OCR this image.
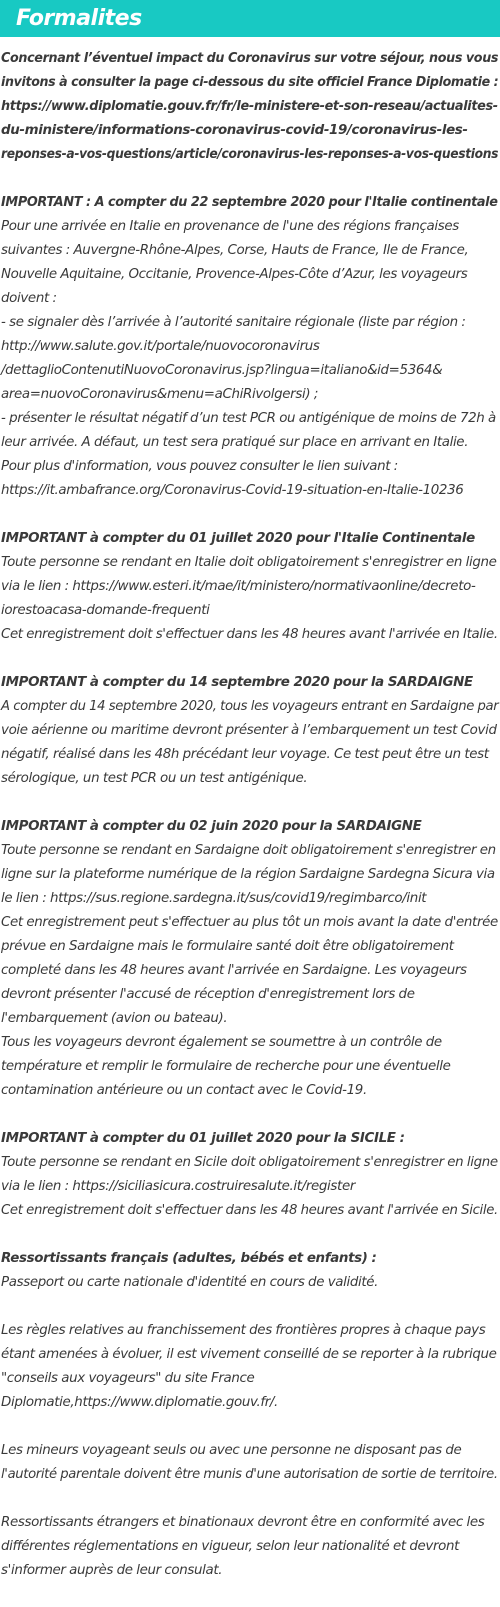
Formalites
Concernant l’éventuel impact du Coronavirus sur votre séjour, nous vous
invitons à consulter la page ci-dessous du site officiel France Diplomatie :
https://www.diplomatie.gouv.fr/fr/le-ministere-et-son-reseau/actualites-
du-ministere/informations-coronavirus-covid-19/coronavirus-les-
reponses-a-vos-questions/article/coronavirus-les-reponses-a-vos-questions
IMPORTANT : A compter du 22 septembre 2020 pour l'Italie continentale
Pour une arrivée en Italie en provenance de l'une des régions françaises
suivantes : Auvergne-Rhône-Alpes, Corse, Hauts de France, Ile de France,
Nouvelle Aquitaine, Occitanie, Provence-Alpes-Côte d’Azur, les voyageurs
doivent :
- se signaler dès l’arrivée à l’autorité sanitaire régionale (liste par région :
http://www.salute.gov.it/portale/nuovocoronavirus
/dettaglioContenutiNuovoCoronavirus.jsp?lingua=italiano&id=5364&
area=nuovoCoronavirus&menu=aChiRivolgersi) ;
- présenter le résultat négatif d’un test PCR ou antigénique de moins de 72h à
leur arrivée. A défaut, un test sera pratiqué sur place en arrivant en Italie.
Pour plus d'information, vous pouvez consulter le lien suivant :
https://it.ambafrance.org/Coronavirus-Covid-19-situation-en-Italie-10236
IMPORTANT à compter du 01 juillet 2020 pour l'Italie Continentale
Toute personne se rendant en Italie doit obligatoirement s'enregistrer en ligne
via le lien : https://www.esteri.it/mae/it/ministero/normativaonline/decreto-
iorestoacasa-domande-frequenti
Cet enregistrement doit s'effectuer dans les 48 heures avant l'arrivée en Italie.
IMPORTANT à compter du 14 septembre 2020 pour la SARDAIGNE
A compter du 14 septembre 2020, tous les voyageurs entrant en Sardaigne par
voie aérienne ou maritime devront présenter à l’embarquement un test Covid
négatif, réalisé dans les 48h précédant leur voyage. Ce test peut être un test
sérologique, un test PCR ou un test antigénique.
IMPORTANT à compter du 02 juin 2020 pour la SARDAIGNE
Toute personne se rendant en Sardaigne doit obligatoirement s'enregistrer en
ligne sur la plateforme numérique de la région Sardaigne Sardegna Sicura via
le lien : https://sus.regione.sardegna.it/sus/covid19/regimbarco/init
Cet enregistrement peut s'effectuer au plus tôt un mois avant la date d'entrée
prévue en Sardaigne mais le formulaire santé doit être obligatoirement
completé dans les 48 heures avant l'arrivée en Sardaigne. Les voyageurs
devront présenter l'accusé de réception d'enregistrement lors de
l'embarquement (avion ou bateau).
Tous les voyageurs devront également se soumettre à un contrôle de
température et remplir le formulaire de recherche pour une éventuelle
contamination antérieure ou un contact avec le Covid-19.
IMPORTANT à compter du 01 juillet 2020 pour la SICILE :
Toute personne se rendant en Sicile doit obligatoirement s'enregistrer en ligne
via le lien : https://siciliasicura.costruiresalute.it/register
Cet enregistrement doit s'effectuer dans les 48 heures avant l'arrivée en Sicile.
Ressortissants français (adultes, bébés et enfants) :
Passeport ou carte nationale d'identité en cours de validité.
Les règles relatives au franchissement des frontières propres à chaque pays
étant amenées à évoluer, il est vivement conseillé de se reporter à la rubrique
"conseils aux voyageurs" du site France
Diplomatie,https://www.diplomatie.gouv.fr/.
Les mineurs voyageant seuls ou avec une personne ne disposant pas de
l'autorité parentale doivent être munis d'une autorisation de sortie de territoire.
Ressortissants étrangers et binationaux devront être en conformité avec les
différentes réglementations en vigueur, selon leur nationalité et devront
s'informer auprès de leur consulat.
